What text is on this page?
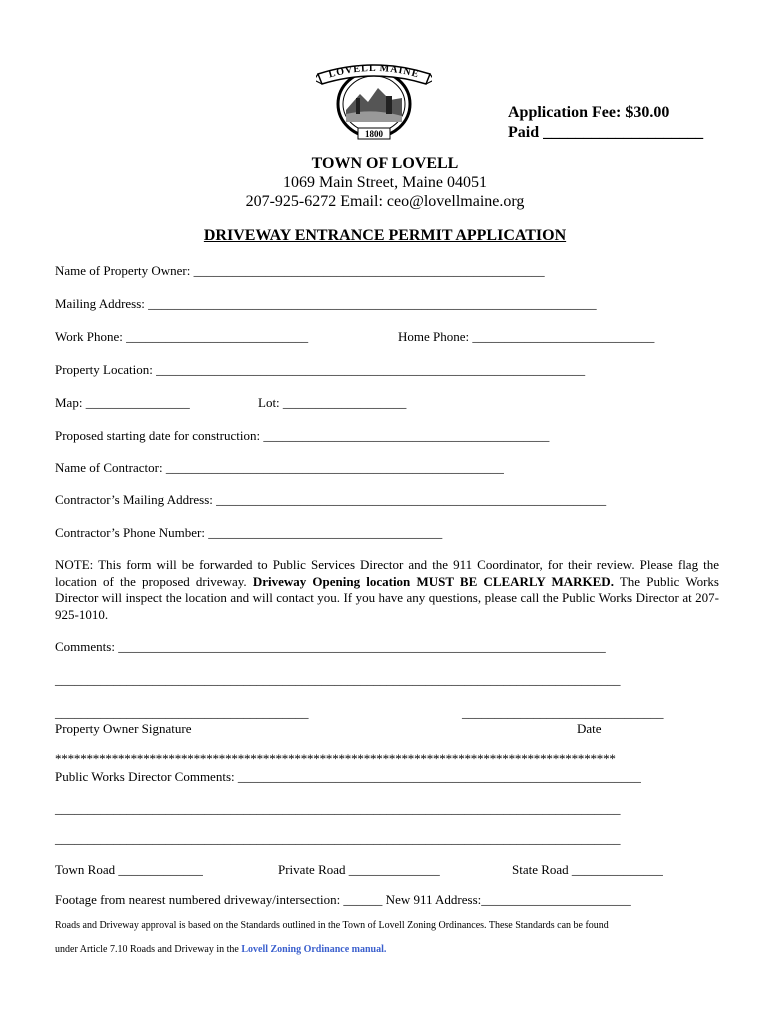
LOVELL MAINE
1800
Application Fee: $30.00
Paid ____________________
TOWN OF LOVELL
1069 Main Street, Maine 04051
207-925-6272 Email: ceo@lovellmaine.org
DRIVEWAY ENTRANCE PERMIT APPLICATION
Name of Property Owner: ______________________________________________________
Mailing Address: _____________________________________________________________________
Work Phone: ____________________________	Home Phone: ____________________________
Property Location: __________________________________________________________________
Map: ________________	Lot: ___________________
Proposed starting date for construction: ____________________________________________
Name of Contractor: ____________________________________________________
Contractor’s Mailing Address: ____________________________________________________________
Contractor’s Phone Number: ____________________________________
NOTE: This form will be forwarded to Public Services Director and the 911 Coordinator, for their review. Please flag the location of the proposed driveway. Driveway Opening location MUST BE CLEARLY MARKED. The Public Works Director will inspect the location and will contact you. If you have any questions, please call the Public Works Director at 207-925-1010.
Comments: ___________________________________________________________________________
_______________________________________________________________________________________
_______________________________________	_______________________________
Property Owner Signature	Date
*****************************************************************************************
Public Works Director Comments: ______________________________________________________________
_______________________________________________________________________________________
_______________________________________________________________________________________
Town Road _____________	Private Road ______________	State Road ______________
Footage from nearest numbered driveway/intersection: ______ New 911 Address:_______________________
Roads and Driveway approval is based on the Standards outlined in the Town of Lovell Zoning Ordinances. These Standards can be found
under Article 7.10 Roads and Driveway in the Lovell Zoning Ordinance manual.
